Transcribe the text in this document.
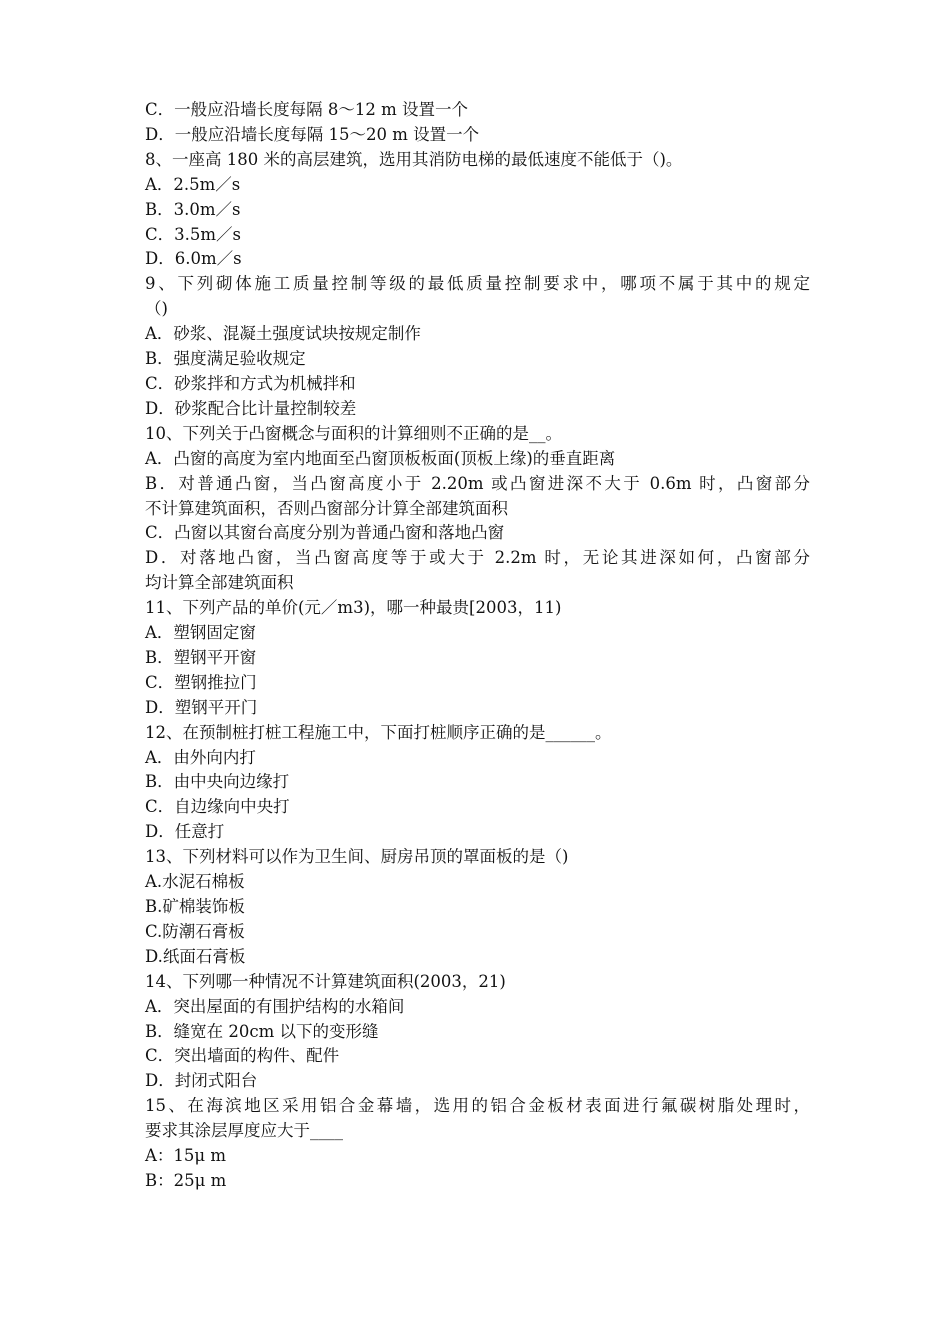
C．一般应沿墙长度每隔 8～12 m 设置一个
D．一般应沿墙长度每隔 15～20 m 设置一个
8、一座高 180 米的高层建筑，选用其消防电梯的最低速度不能低于（)。
A．2.5m／s
B．3.0m／s
C．3.5m／s
D．6.0m／s
9、下列砌体施工质量控制等级的最低质量控制要求中，哪项不属于其中的规定
（)
A．砂浆、混凝土强度试块按规定制作
B．强度满足验收规定
C．砂浆拌和方式为机械拌和
D．砂浆配合比计量控制较差
10、下列关于凸窗概念与面积的计算细则不正确的是__。
A．凸窗的高度为室内地面至凸窗顶板板面(顶板上缘)的垂直距离
B．对普通凸窗，当凸窗高度小于 2.20m 或凸窗进深不大于 0.6m 时，凸窗部分
不计算建筑面积，否则凸窗部分计算全部建筑面积
C．凸窗以其窗台高度分别为普通凸窗和落地凸窗
D．对落地凸窗，当凸窗高度等于或大于 2.2m 时，无论其进深如何，凸窗部分
均计算全部建筑面积
11、下列产品的单价(元／m3)，哪一种最贵[2003，11)
A．塑钢固定窗
B．塑钢平开窗
C．塑钢推拉门
D．塑钢平开门
12、在预制桩打桩工程施工中，下面打桩顺序正确的是______。
A．由外向内打
B．由中央向边缘打
C．自边缘向中央打
D．任意打
13、下列材料可以作为卫生间、厨房吊顶的罩面板的是（)
A.水泥石棉板
B.矿棉装饰板
C.防潮石膏板
D.纸面石膏板
14、下列哪一种情况不计算建筑面积(2003，21)
A．突出屋面的有围护结构的水箱间
B．缝宽在 20cm 以下的变形缝
C．突出墙面的构件、配件
D．封闭式阳台
15、在海滨地区采用铝合金幕墙，选用的铝合金板材表面进行氟碳树脂处理时，
要求其涂层厚度应大于____
A：15μ m
B：25μ m
